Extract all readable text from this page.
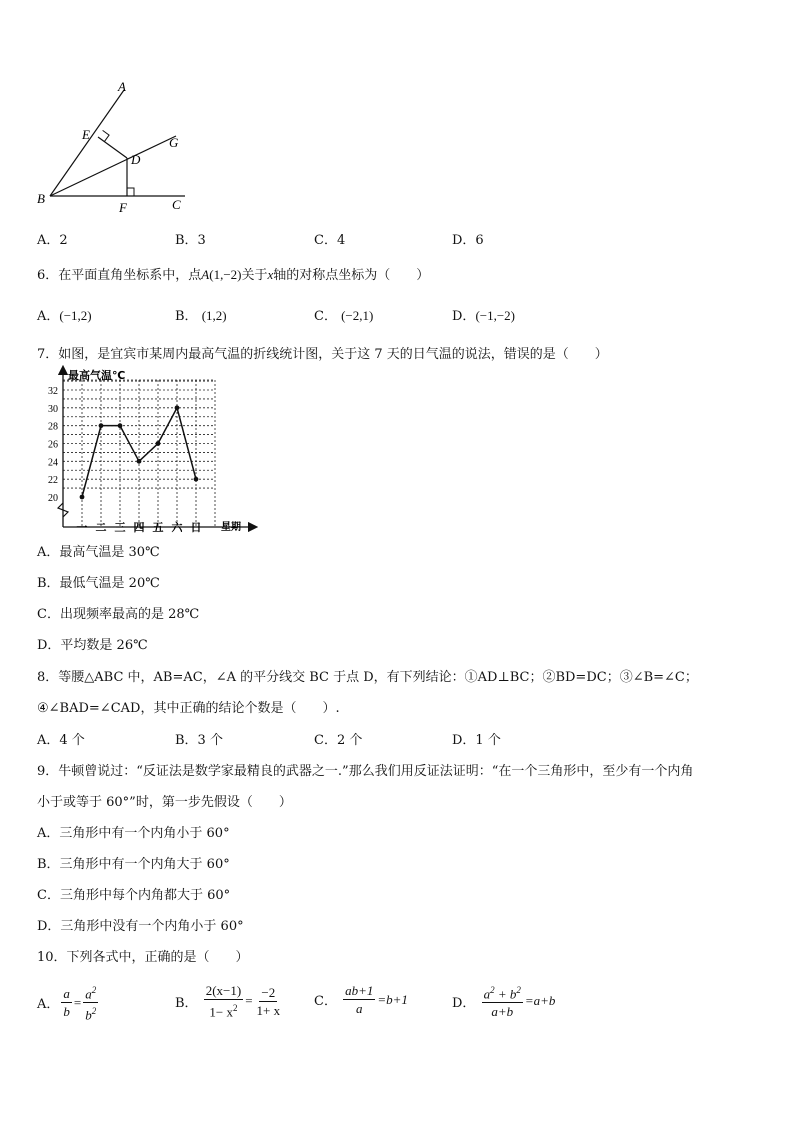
A
E
G
D
B
F	C
A．2	B．3	C．4	D．6
6．在平面直角坐标系中，点A(1,−2)关于x轴的对称点坐标为（　　）
A．(−1,2)	B． (1,2)	C． (−2,1)	D．(−1,−2)
7．如图，是宜宾市某周内最高气温的折线统计图，关于这 7 天的日气温的说法，错误的是（　　）
最高气温℃
星期
20
22
24
26
28
30
32
一 二 三 四 五 六 日
A．最高气温是 30℃
B．最低气温是 20℃
C．出现频率最高的是 28℃
D．平均数是 26℃
8．等腰△ABC 中，AB=AC，∠A 的平分线交 BC 于点 D，有下列结论：①AD⊥BC；②BD=DC；③∠B=∠C；
④∠BAD=∠CAD，其中正确的结论个数是（　　）.
A．4 个	B．3 个	C．2 个	D．1 个
9．牛顿曾说过：“反证法是数学家最精良的武器之一.”那么我们用反证法证明：“在一个三角形中，至少有一个内角
小于或等于 60°”时，第一步先假设（　　）
A．三角形中有一个内角小于 60°
B．三角形中有一个内角大于 60°
C．三角形中每个内角都大于 60°
D．三角形中没有一个内角小于 60°
10．下列各式中，正确的是（　　）
A． $\frac{a}{b} = \frac{a^2}{b^2}$	B．
$\frac{2(x-1)}{1- x^2} = \frac{-2}{1+ x}$ C．
$\frac{ab+1}{a} =b+1$	D．
$\frac{a^2 + b^2}{a+b} =a+b$
